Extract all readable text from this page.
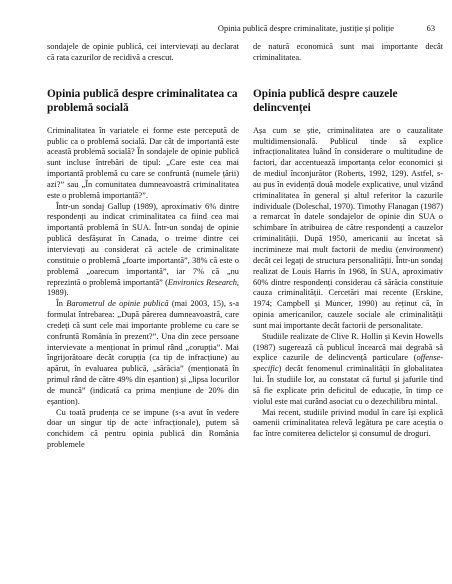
Opinia publică despre criminalitate, justiție și poliție	63

sondajele de opinie publică, cei intervievați au declarat că rata cazurilor de recidivă a crescut.

Opinia publică despre criminalitatea ca problemă socială

Criminalitatea în variatele ei forme este percepută de public ca o problemă socială. Dar cât de importantă este această problemă socială? În sondajele de opinie publică sunt incluse întrebări de tipul: „Care este cea mai importantă problemă cu care se confruntă (numele țării) azi?” sau „În comunitatea dumneavoastră criminalitatea este o problemă importantă?”.

Într-un sondaj Gallup (1989), aproximativ 6% dintre respondenți au indicat criminalitatea ca fiind cea mai importantă problemă în SUA. Într-un sondaj de opinie publică desfășurat în Canada, o treime dintre cei intervievați au considerat că actele de criminalitate constituie o problemă „foarte importantă”, 38% că este o problemă „oarecum importantă”, iar 7% că „nu reprezintă o problemă importantă” (Environics Research, 1989).

În Barometrul de opinie publică (mai 2003, 15), s-a formulat întrebarea: „După părerea dumneavoastră, care credeți că sunt cele mai importante probleme cu care se confruntă România în prezent?”. Una din zece persoane intervievate a menționat în primul rând „corupția”. Mai îngrijorătoare decât corupția (ca tip de infracțiune) au apărut, în evaluarea publică, „sărăcia” (menționată în primul rând de către 49% din eșantion) și „lipsa locurilor de muncă” (indicată ca prima mențiune de 20% din eșantion).

Cu toată prudența ce se impune (s-a avut în vedere doar un singur tip de acte infracționale), putem să conchidem că pentru opinia publică din România problemele

de natură economică sunt mai importante decât criminalitatea.

Opinia publică despre cauzele delincvenței

Așa cum se știe, criminalitatea are o cauzalitate multidimensională. Publicul tinde să explice infracționalitatea luând în considerare o multitudine de factori, dar accentuează importanța celor economici și de mediul înconjurător (Roberts, 1992, 129). Astfel, s-au pus în evidență două modele explicative, unul vizând criminalitatea în general și altul referitor la cazurile individuale (Doleschal, 1970). Timothy Flanagan (1987) a remarcat în datele sondajelor de opinie din SUA o schimbare în atribuirea de către respondenți a cauzelor criminalității. După 1950, americanii au încetat să incrimineze mai mult factorii de mediu (environment) decât cei legați de structura personalității. Într-un sondaj realizat de Louis Harris în 1968, în SUA, aproximativ 60% dintre respondenți considerau că sărăcia constituie cauza criminalității. Cercetări mai recente (Erskine, 1974; Campbell și Muncer, 1990) au reținut că, în opinia americanilor, cauzele sociale ale criminalității sunt mai importante decât factorii de personalitate.

Studiile realizate de Clive R. Hollin și Kevin Howells (1987) sugerează că publicul încearcă mai degrabă să explice cazurile de delincvență particulare (offense-specific) decât fenomenul criminalității în globalitatea lui. În studiile lor, au constatat că furtul și jafurile tind să fie explicate prin deficitul de educație, în timp ce violul este mai curând asociat cu o dezechilibru mintal.

Mai recent, studiile privind modul în care își explică oamenii criminalitatea relevă legătura pe care aceștia o fac între comiterea delictelor și consumul de droguri.
